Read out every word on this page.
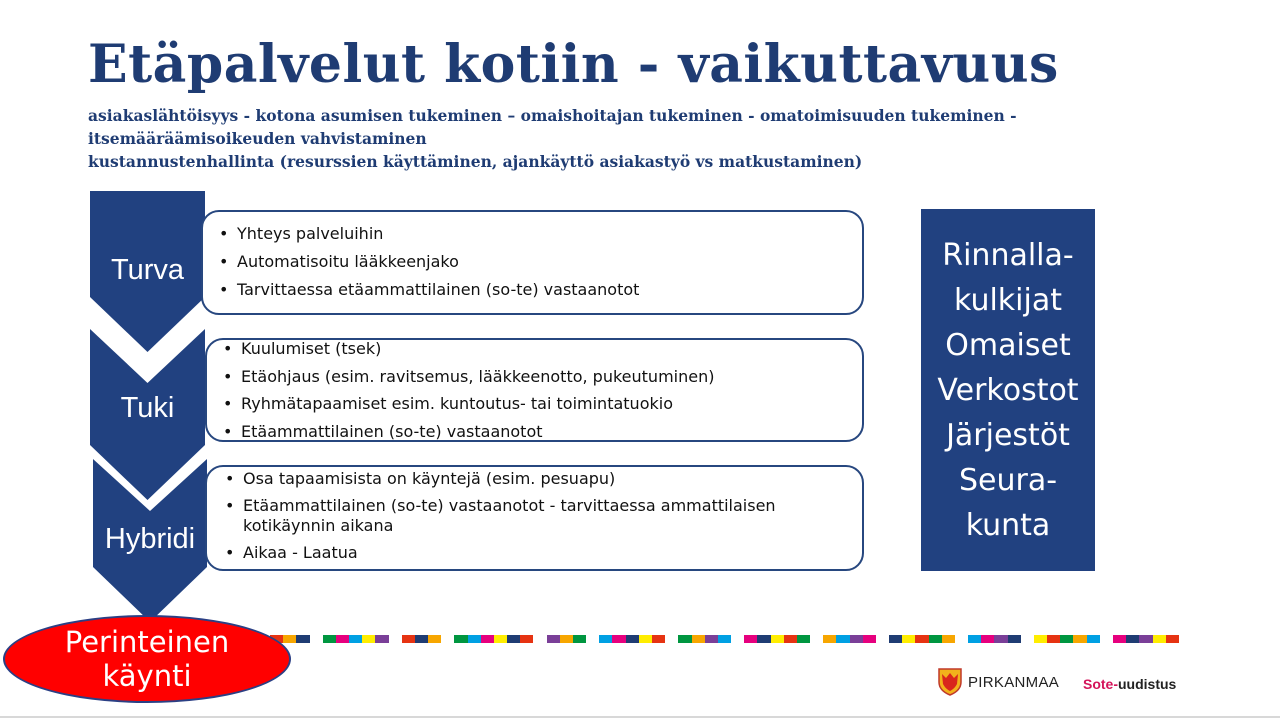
Etäpalvelut kotiin - vaikuttavuus
asiakaslähtöisyys - kotona asumisen tukeminen – omaishoitajan tukeminen - omatoimisuuden tukeminen -
itsemääräämisoikeuden vahvistaminen
kustannustenhallinta (resurssien käyttäminen, ajankäyttö asiakastyö vs matkustaminen)
Turva
Tuki
Hybridi
• Yhteys palveluihin
• Automatisoitu lääkkeenjako
• Tarvittaessa etäammattilainen (so-te) vastaanotot
• Kuulumiset (tsek)
• Etäohjaus (esim. ravitsemus, lääkkeenotto, pukeutuminen)
• Ryhmätapaamiset esim. kuntoutus- tai toimintatuokio
• Etäammattilainen (so-te) vastaanotot
• Osa tapaamisista on käyntejä (esim. pesuapu)
• Etäammattilainen (so-te) vastaanotot - tarvittaessa ammattilaisen kotikäynnin aikana
• Aikaa - Laatua
Rinnalla-
kulkijat
Omaiset
Verkostot
Järjestöt
Seura-
kunta
Perinteinen
käynti	PIRKANMAA Sote-uudistus
